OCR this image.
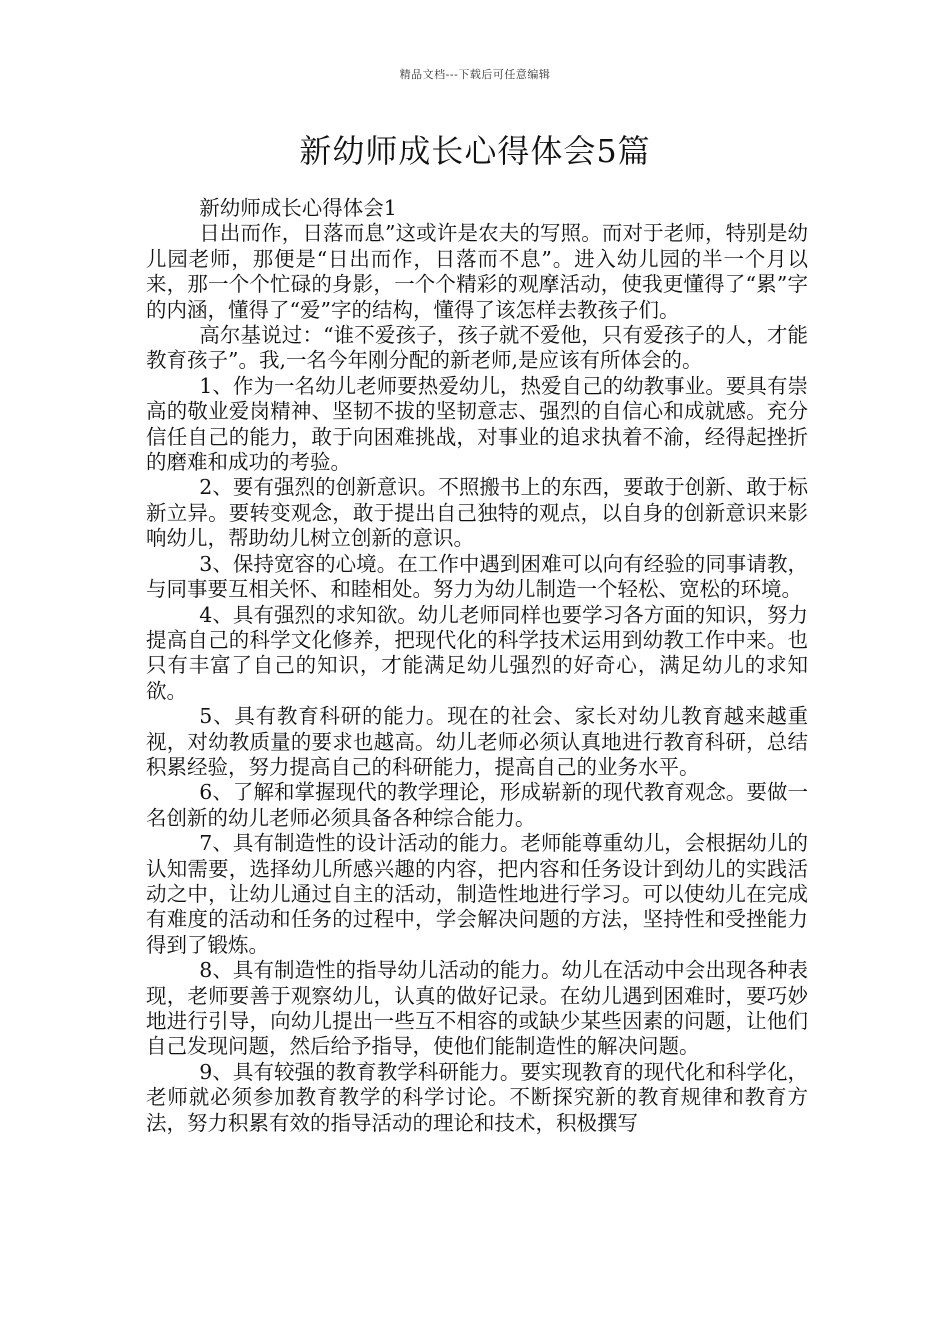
精品文档---下载后可任意编辑
新幼师成长心得体会5篇

新幼师成长心得体会1

日出而作，日落而息”这或许是农夫的写照。而对于老师，特别是幼儿园老师，那便是“日出而作，日落而不息”。进入幼儿园的半一个月以来，那一个个忙碌的身影，一个个精彩的观摩活动，使我更懂得了“累”字的内涵，懂得了“爱”字的结构，懂得了该怎样去教孩子们。

高尔基说过：“谁不爱孩子，孩子就不爱他，只有爱孩子的人，才能教育孩子”。我,一名今年刚分配的新老师,是应该有所体会的。

1、作为一名幼儿老师要热爱幼儿，热爱自己的幼教事业。要具有崇高的敬业爱岗精神、坚韧不拔的坚韧意志、强烈的自信心和成就感。充分信任自己的能力，敢于向困难挑战，对事业的追求执着不渝，经得起挫折的磨难和成功的考验。

2、要有强烈的创新意识。不照搬书上的东西，要敢于创新、敢于标新立异。要转变观念，敢于提出自己独特的观点，以自身的创新意识来影响幼儿，帮助幼儿树立创新的意识。

3、保持宽容的心境。在工作中遇到困难可以向有经验的同事请教，与同事要互相关怀、和睦相处。努力为幼儿制造一个轻松、宽松的环境。

4、具有强烈的求知欲。幼儿老师同样也要学习各方面的知识，努力提高自己的科学文化修养，把现代化的科学技术运用到幼教工作中来。也只有丰富了自己的知识，才能满足幼儿强烈的好奇心，满足幼儿的求知欲。

5、具有教育科研的能力。现在的社会、家长对幼儿教育越来越重视，对幼教质量的要求也越高。幼儿老师必须认真地进行教育科研，总结积累经验，努力提高自己的科研能力，提高自己的业务水平。

6、了解和掌握现代的教学理论，形成崭新的现代教育观念。要做一名创新的幼儿老师必须具备各种综合能力。

7、具有制造性的设计活动的能力。老师能尊重幼儿，会根据幼儿的认知需要，选择幼儿所感兴趣的内容，把内容和任务设计到幼儿的实践活动之中，让幼儿通过自主的活动，制造性地进行学习。可以使幼儿在完成有难度的活动和任务的过程中，学会解决问题的方法，坚持性和受挫能力得到了锻炼。

8、具有制造性的指导幼儿活动的能力。幼儿在活动中会出现各种表现，老师要善于观察幼儿，认真的做好记录。在幼儿遇到困难时，要巧妙地进行引导，向幼儿提出一些互不相容的或缺少某些因素的问题，让他们自己发现问题，然后给予指导，使他们能制造性的解决问题。

9、具有较强的教育教学科研能力。要实现教育的现代化和科学化，老师就必须参加教育教学的科学讨论。不断探究新的教育规律和教育方法，努力积累有效的指导活动的理论和技术，积极撰写
